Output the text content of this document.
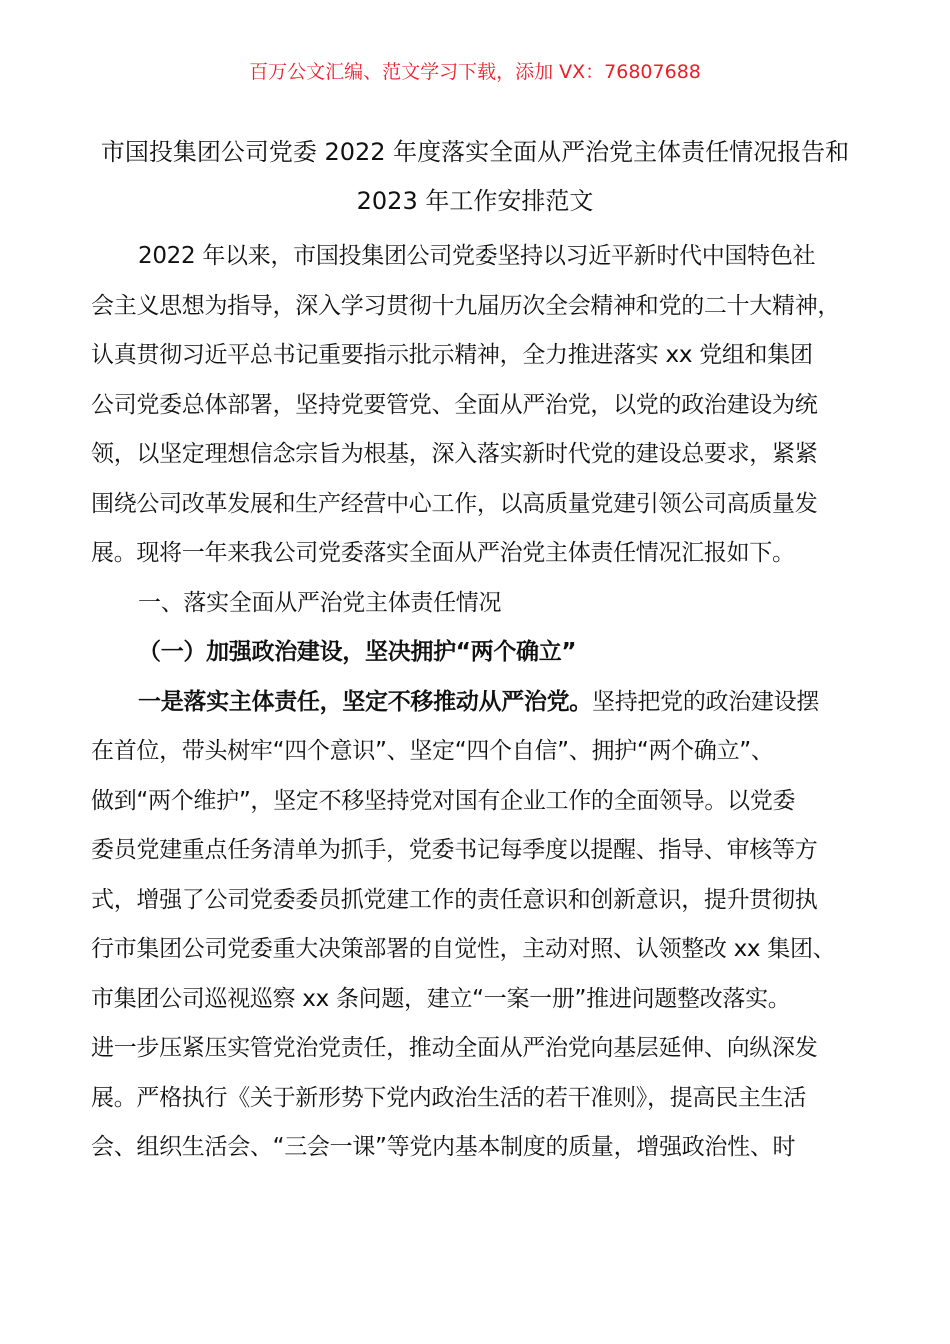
百万公文汇编、范文学习下载，添加 VX：76807688
市国投集团公司党委 2022 年度落实全面从严治党主体责任情况报告和
2023 年工作安排范文
2022 年以来，市国投集团公司党委坚持以习近平新时代中国特色社
会主义思想为指导，深入学习贯彻十九届历次全会精神和党的二十大精神，
认真贯彻习近平总书记重要指示批示精神，全力推进落实 xx 党组和集团
公司党委总体部署，坚持党要管党、全面从严治党，以党的政治建设为统
领，以坚定理想信念宗旨为根基，深入落实新时代党的建设总要求，紧紧
围绕公司改革发展和生产经营中心工作，以高质量党建引领公司高质量发
展。现将一年来我公司党委落实全面从严治党主体责任情况汇报如下。
一、落实全面从严治党主体责任情况
（一）加强政治建设，坚决拥护“两个确立”
一是落实主体责任，坚定不移推动从严治党。坚持把党的政治建设摆
在首位，带头树牢“四个意识”、坚定“四个自信”、拥护“两个确立”、
做到“两个维护”，坚定不移坚持党对国有企业工作的全面领导。以党委
委员党建重点任务清单为抓手，党委书记每季度以提醒、指导、审核等方
式，增强了公司党委委员抓党建工作的责任意识和创新意识，提升贯彻执
行市集团公司党委重大决策部署的自觉性，主动对照、认领整改 xx 集团、
市集团公司巡视巡察 xx 条问题，建立“一案一册”推进问题整改落实。
进一步压紧压实管党治党责任，推动全面从严治党向基层延伸、向纵深发
展。严格执行《关于新形势下党内政治生活的若干准则》，提高民主生活
会、组织生活会、“三会一课”等党内基本制度的质量，增强政治性、时
